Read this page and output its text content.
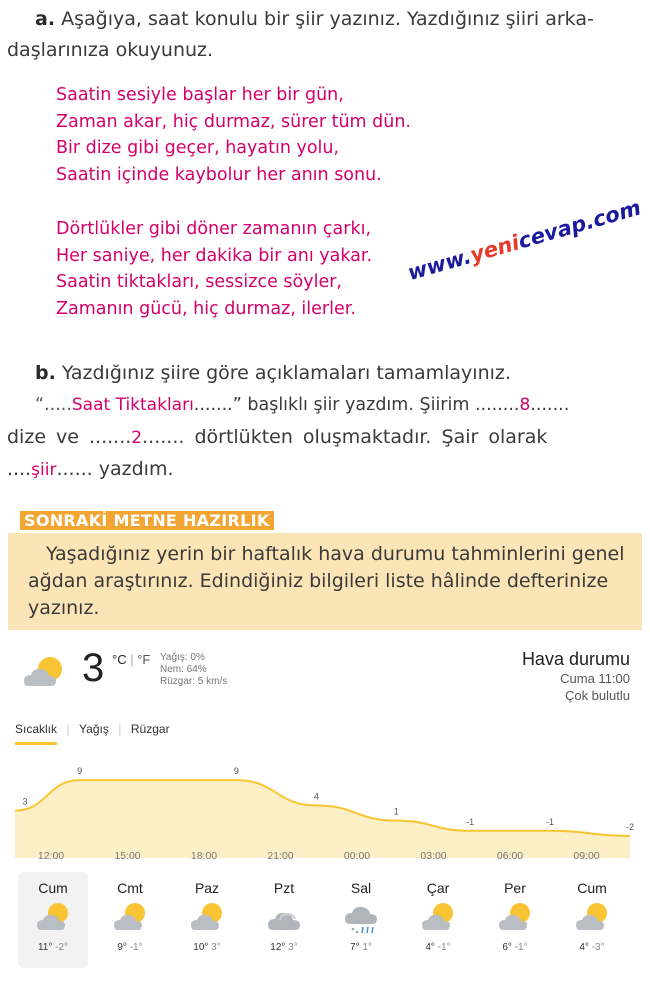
a. Aşağıya, saat konulu bir şiir yazınız. Yazdığınız şiiri arka-
daşlarınıza okuyunuz.
Saatin sesiyle başlar her bir gün,
Zaman akar, hiç durmaz, sürer tüm dün.
Bir dize gibi geçer, hayatın yolu,
Saatin içinde kaybolur her anın sonu.
Dörtlükler gibi döner zamanın çarkı,
Her saniye, her dakika bir anı yakar.
Saatin tiktakları, sessizce söyler,
Zamanın gücü, hiç durmaz, ilerler.
www.yenicevap.com
b. Yazdığınız şiire göre açıklamaları tamamlayınız.
“.....Saat Tiktakları.......” başlıklı şiir yazdım. Şiirim ........8.......
dize ve .......2....... dörtlükten oluşmaktadır. Şair olarak
....şiir...... yazdım.
SONRAKİ METNE HAZIRLIK
Yaşadığınız yerin bir haftalık hava durumu tahminlerini genel ağdan araştırınız. Edindiğiniz bilgileri liste hâlinde defterinize yazınız.
3 °C | °F Yağış: 0%
Nem: 64%
Rüzgar: 5 km/s
Hava durumu
Cuma 11:00
Çok bulutlu
Sıcaklık | Yağış | Rüzgar
3
9	9
4
1
-1	-1
-2
12:00	15:00	18:00	21:00	00:00	03:00	06:00	09:00
Cum
11° -2°
Cmt
9° -1°
Paz
10° 3°
Pzt
12° 3°
Sal
7° 1°
Çar
4° -1°
Per
6° -1°
Cum
4° -3°
